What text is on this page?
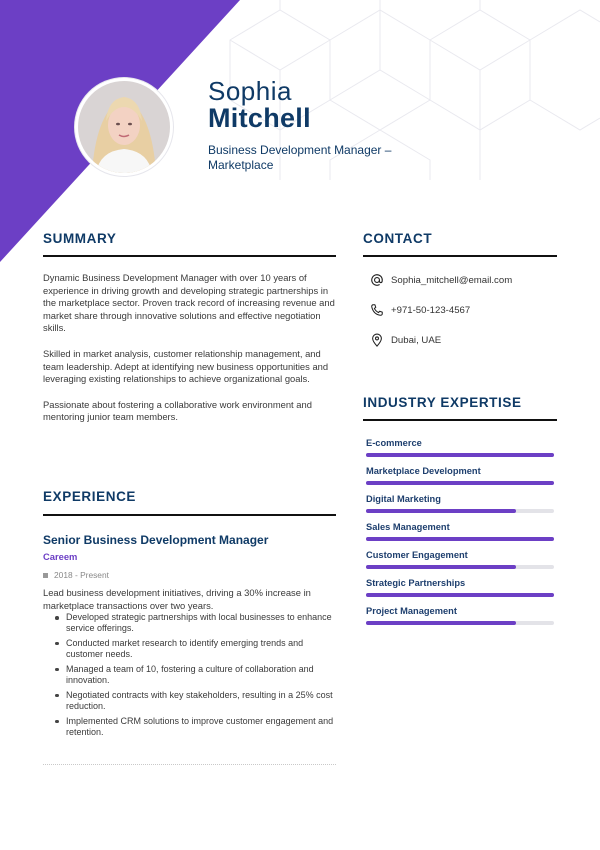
Sophia
Mitchell
Business Development Manager – Marketplace
SUMMARY

Dynamic Business Development Manager with over 10 years of experience in driving growth and developing strategic partnerships in the marketplace sector. Proven track record of increasing revenue and market share through innovative solutions and effective negotiation skills.

Skilled in market analysis, customer relationship management, and team leadership. Adept at identifying new business opportunities and leveraging existing relationships to achieve organizational goals.

Passionate about fostering a collaborative work environment and mentoring junior team members.

CONTACT
Sophia_mitchell@email.com
+971-50-123-4567
Dubai, UAE
INDUSTRY EXPERTISE
E-commerce
Marketplace Development
Digital Marketing
Sales Management
Customer Engagement
Strategic Partnerships
Project Management
EXPERIENCE
Senior Business Development Manager
Careem
2018 - Present
Lead business development initiatives, driving a 30% increase in marketplace transactions over two years.
Developed strategic partnerships with local businesses to enhance service offerings.
Conducted market research to identify emerging trends and customer needs.
Managed a team of 10, fostering a culture of collaboration and innovation.
Negotiated contracts with key stakeholders, resulting in a 25% cost reduction.
Implemented CRM solutions to improve customer engagement and retention.
